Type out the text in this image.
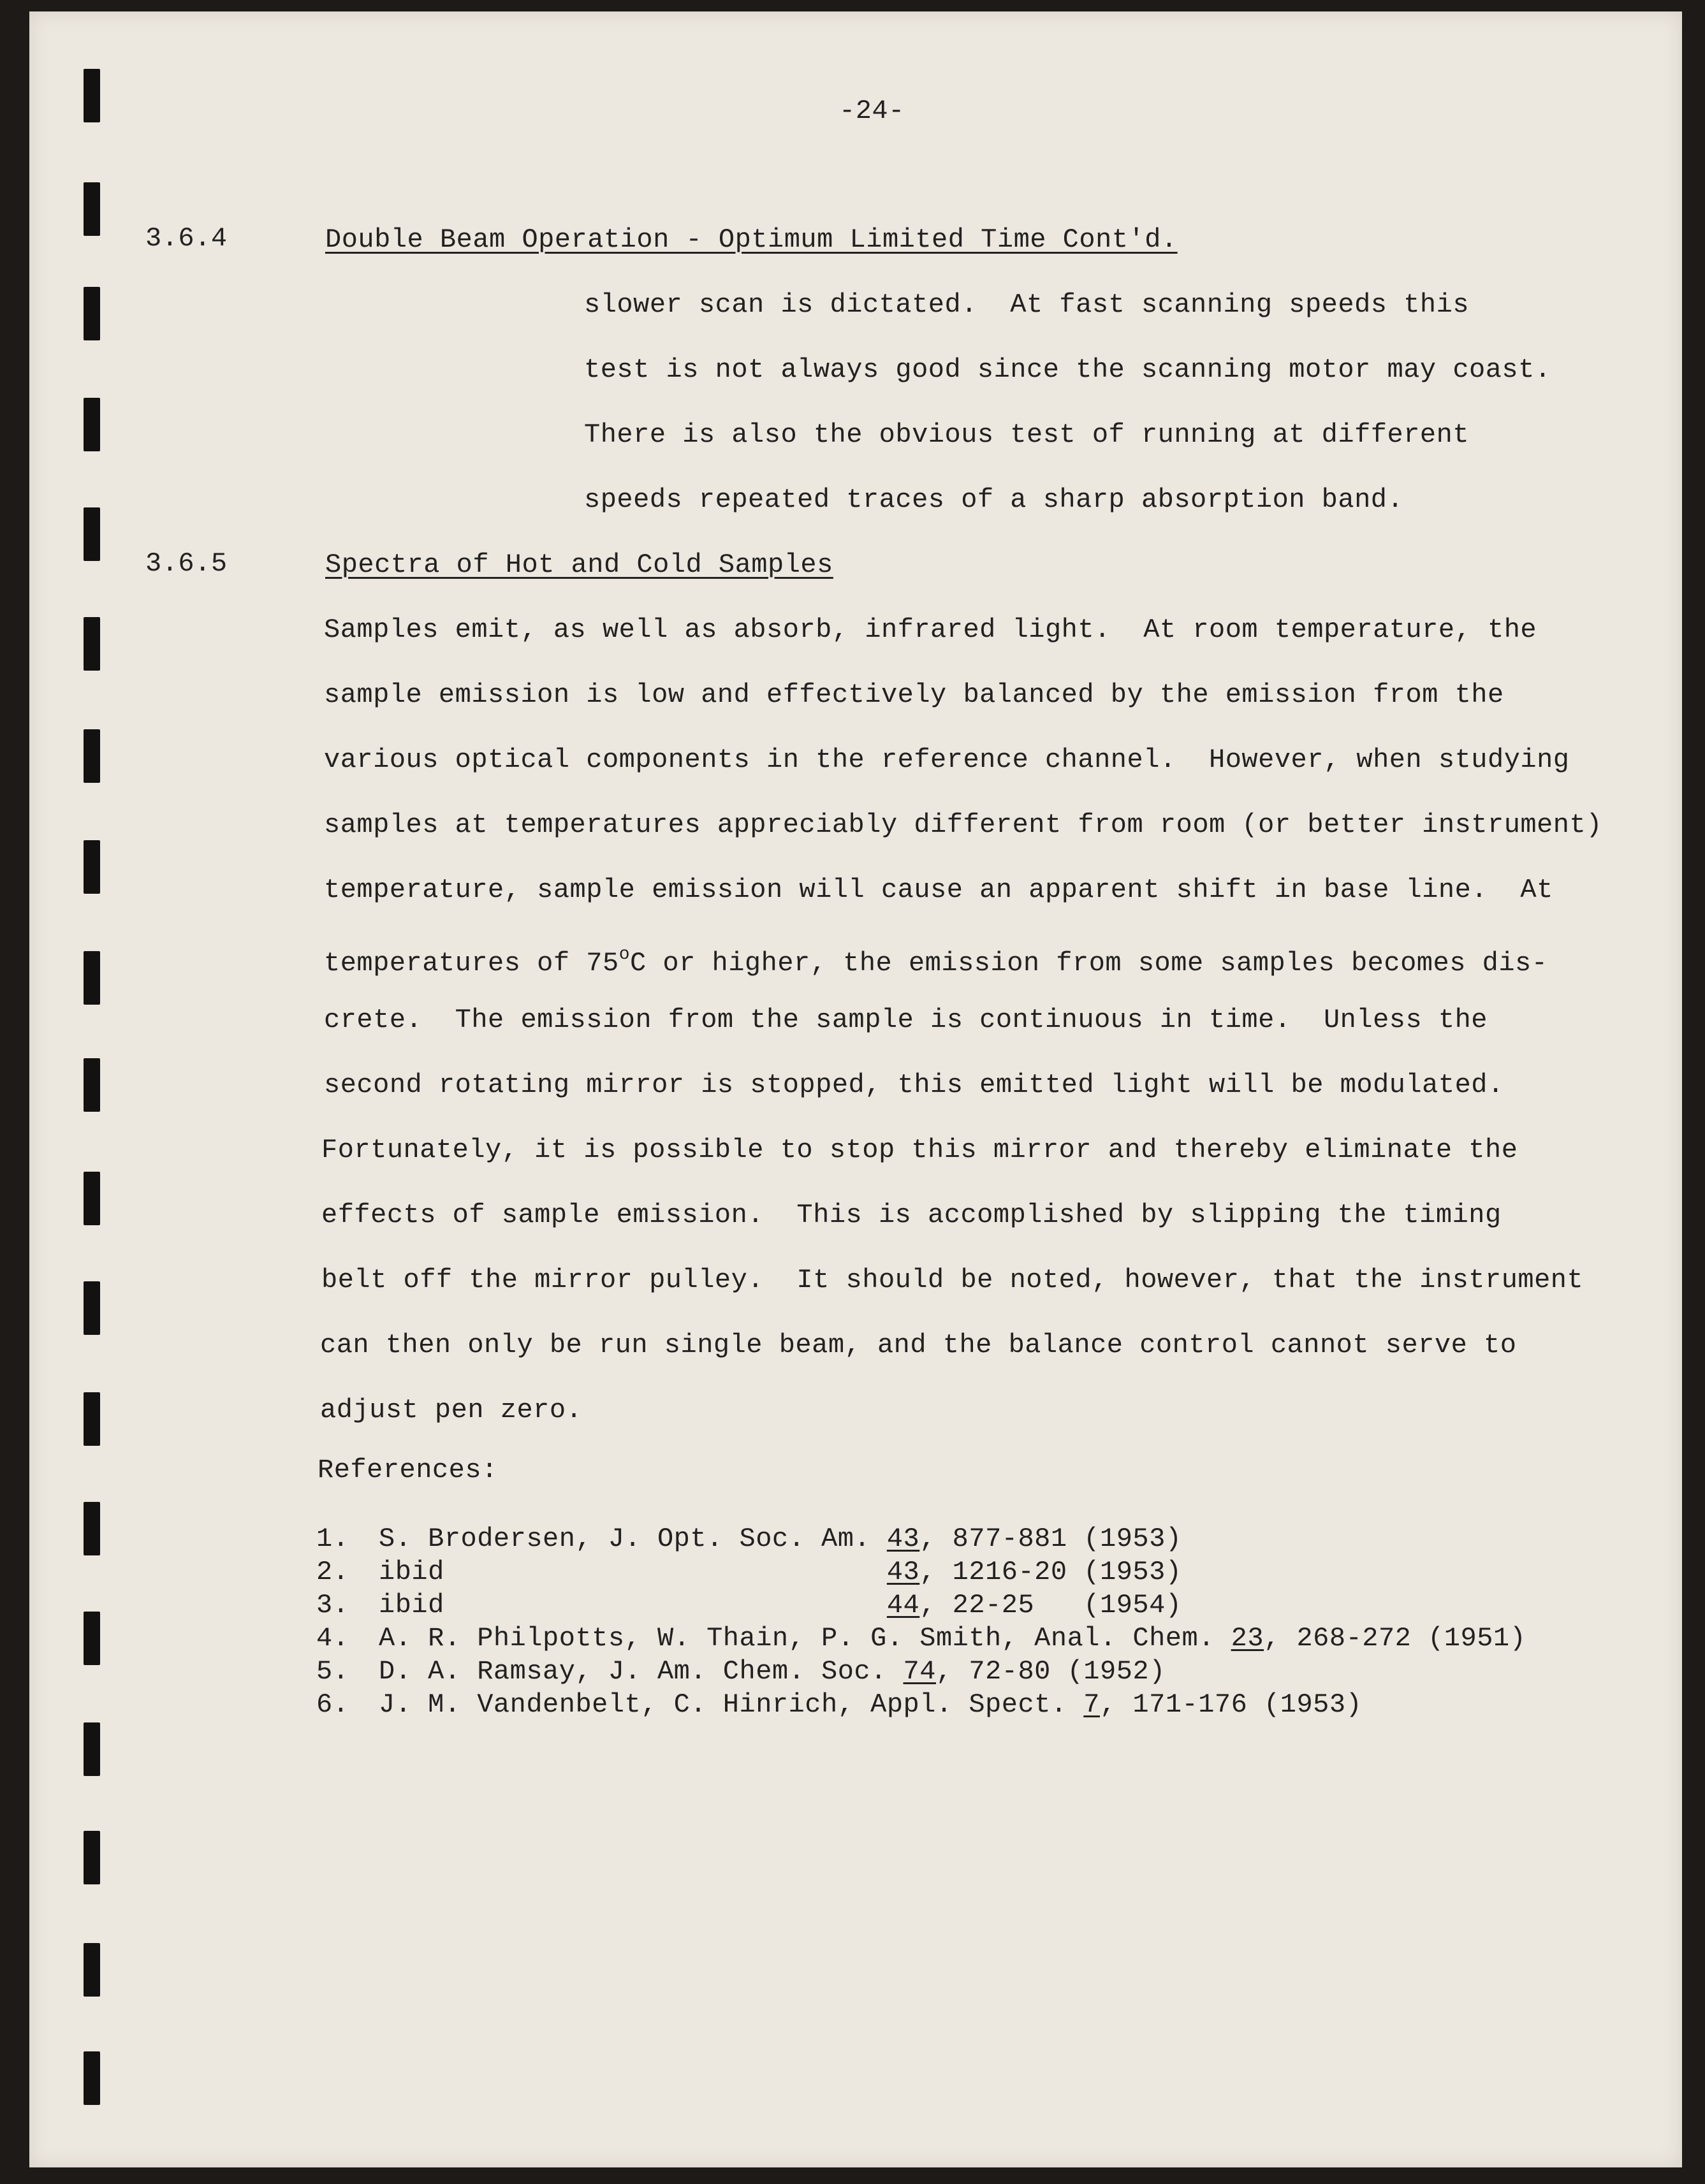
-24-
3.6.4	Double Beam Operation - Optimum Limited Time Cont'd.
slower scan is dictated.  At fast scanning speeds this
test is not always good since the scanning motor may coast.
There is also the obvious test of running at different
speeds repeated traces of a sharp absorption band.
3.6.5	Spectra of Hot and Cold Samples
Samples emit, as well as absorb, infrared light.  At room temperature, the
sample emission is low and effectively balanced by the emission from the
various optical components in the reference channel.  However, when studying
samples at temperatures appreciably different from room (or better instrument)
temperature, sample emission will cause an apparent shift in base line.  At
temperatures of 75$^o$C or higher, the emission from some samples becomes dis-
crete.  The emission from the sample is continuous in time.  Unless the
second rotating mirror is stopped, this emitted light will be modulated.
Fortunately, it is possible to stop this mirror and thereby eliminate the
effects of sample emission.  This is accomplished by slipping the timing
belt off the mirror pulley.  It should be noted, however, that the instrument
can then only be run single beam, and the balance control cannot serve to
adjust pen zero.
References:
1. S. Brodersen, J. Opt. Soc. Am. 43, 877-881 (1953)
2. ibid                           43, 1216-20 (1953)
3. ibid                           44, 22-25   (1954)
4. A. R. Philpotts, W. Thain, P. G. Smith, Anal. Chem. 23, 268-272 (1951)
5. D. A. Ramsay, J. Am. Chem. Soc. 74, 72-80 (1952)
6. J. M. Vandenbelt, C. Hinrich, Appl. Spect. 7, 171-176 (1953)
